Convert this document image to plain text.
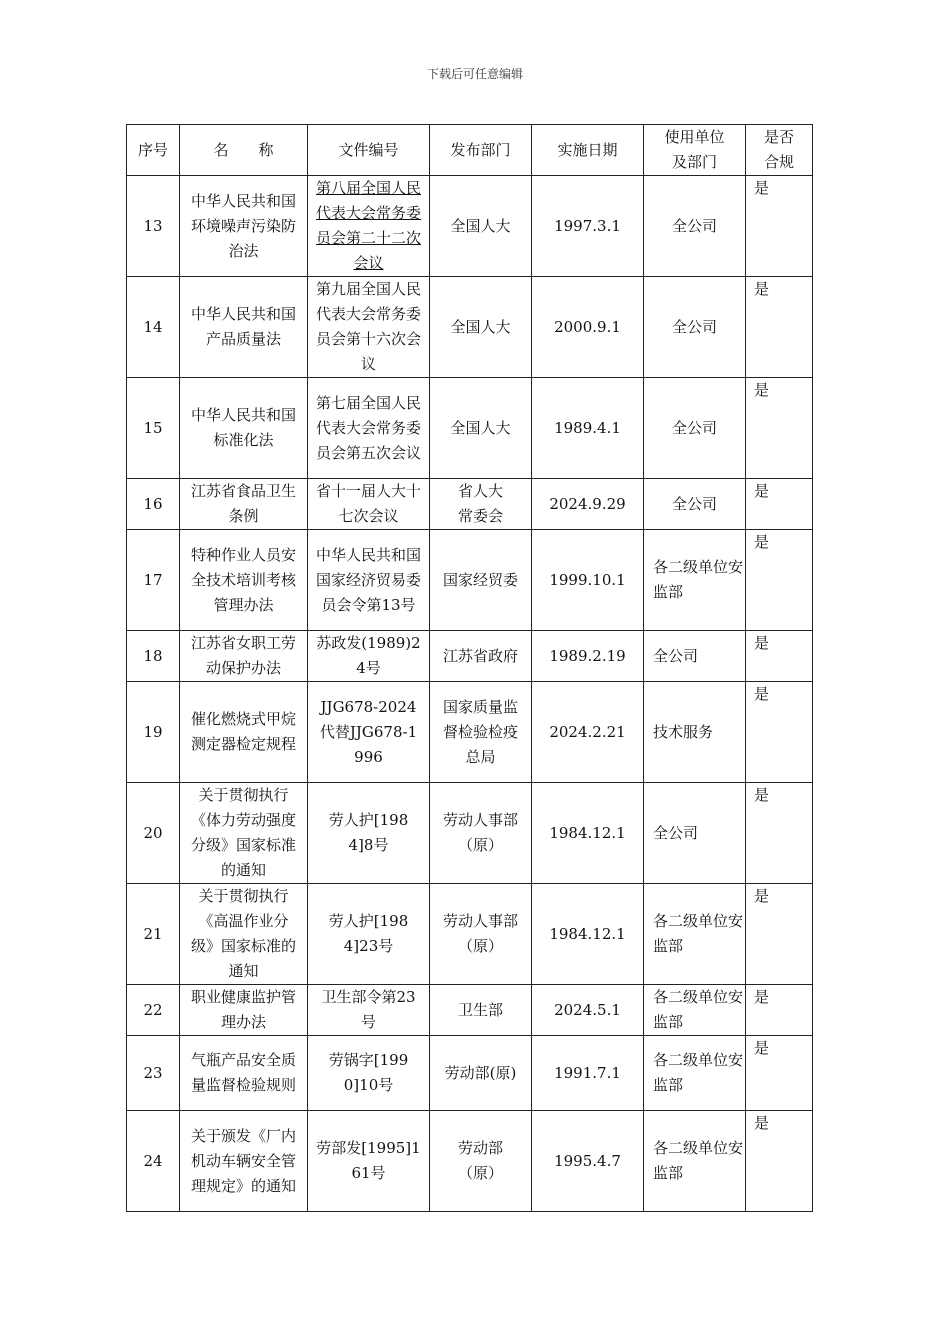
下载后可任意编辑
序号	名　　称	文件编号	发布部门	实施日期	使用单位及部门	是否合规
13	中华人民共和国环境噪声污染防治法	第八届全国人民代表大会常务委员会第二十二次 会议	全国人大	1997.3.1	全公司	是
14	中华人民共和国产品质量法	第九届全国人民代表大会常务委员会第十六次会议	全国人大	2000.9.1	全公司	是
15	中华人民共和国标准化法	第七届全国人民代表大会常务委员会第五次会议	全国人大	1989.4.1	全公司	是
16	江苏省食品卫生条例	省十一届人大十七次会议	省人大常委会	2024.9.29	全公司	是
17	特种作业人员安全技术培训考核管理办法	中华人民共和国国家经济贸易委员会令第13号	国家经贸委	1999.10.1	各二级单位安监部	是
18	江苏省女职工劳动保护办法	苏政发(1989)24号	江苏省政府	1989.2.19	全公司	是
19	催化燃烧式甲烷测定器检定规程	JJG678-2024代替JJG678-1996	国家质量监督检验检疫总局	2024.2.21	技术服务	是
20	关于贯彻执行《体力劳动强度分级》国家标准的通知	劳人护[1984]8号	劳动人事部（原）	1984.12.1	全公司	是
21	关于贯彻执行《高温作业分级》国家标准的通知	劳人护[1984]23号	劳动人事部（原）	1984.12.1	各二级单位安监部	是
22	职业健康监护管理办法	卫生部令第23号	卫生部	2024.5.1	各二级单位安监部	是
23	气瓶产品安全质量监督检验规则	劳锅字[1990]10号	劳动部(原)	1991.7.1	各二级单位安监部	是
24	关于颁发《厂内机动车辆安全管理规定》的通知	劳部发[1995]161号	劳动部（原）	1995.4.7	各二级单位安监部	是
